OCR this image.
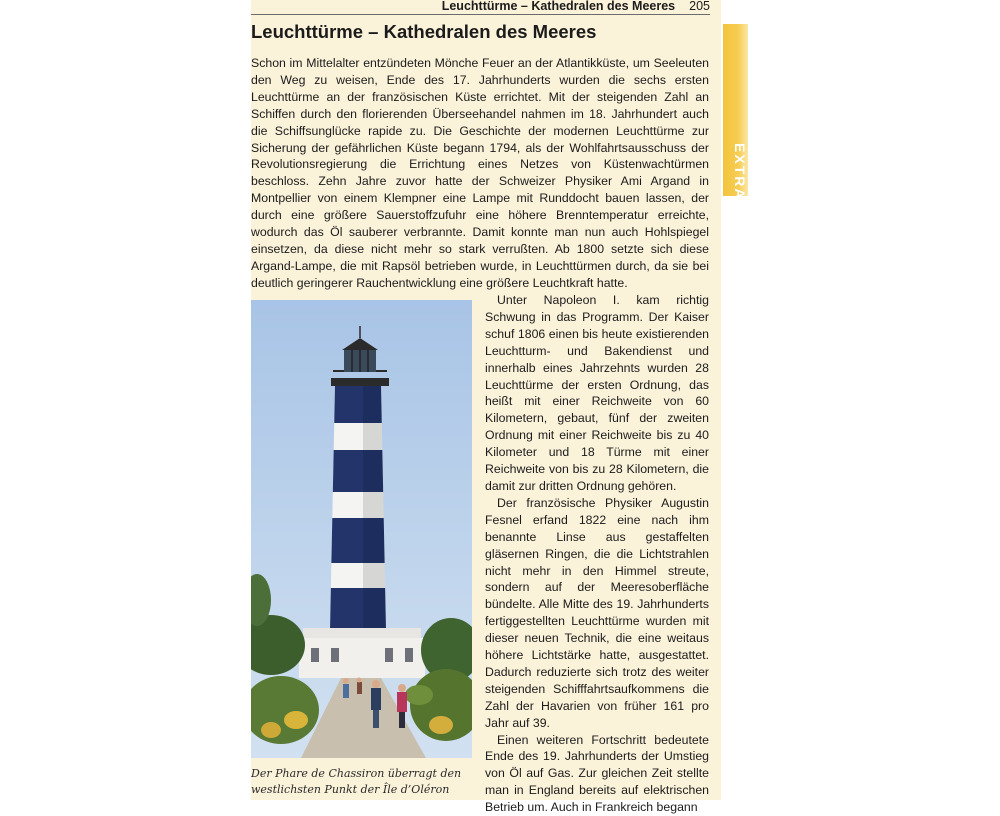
EXTRA
Leuchttürme – Kathedralen des Meeres 205
Leuchttürme – Kathedralen des Meeres

Schon im Mittelalter entzündeten Mönche Feuer an der Atlantikküste, um Seeleuten den Weg zu weisen, Ende des 17. Jahrhunderts wurden die sechs ersten Leuchttürme an der französischen Küste errichtet. Mit der steigenden Zahl an Schiffen durch den florierenden Überseehandel nahmen im 18. Jahrhundert auch die Schiffsunglücke rapide zu. Die Geschichte der modernen Leuchttürme zur Sicherung der gefährlichen Küste begann 1794, als der Wohlfahrtsausschuss der Revolutionsregierung die Errichtung eines Netzes von Küstenwachtürmen beschloss. Zehn Jahre zuvor hatte der Schweizer Physiker Ami Argand in Montpellier von einem Klempner eine Lampe mit Runddocht bauen lassen, der durch eine größere Sauerstoffzufuhr eine höhere Brenntemperatur erreichte, wodurch das Öl sauberer verbrannte. Damit konnte man nun auch Hohlspiegel einsetzen, da diese nicht mehr so stark verrußten. Ab 1800 setzte sich diese Argand-Lampe, die mit Rapsöl betrieben wurde, in Leuchttürmen durch, da sie bei deutlich geringerer Rauchentwicklung eine größere Leuchtkraft hatte.

Unter Napoleon I. kam richtig Schwung in das Programm. Der Kaiser schuf 1806 einen bis heute existierenden Leuchtturm- und Bakendienst und innerhalb eines Jahrzehnts wurden 28 Leuchttürme der ersten Ordnung, das heißt mit einer Reichweite von 60 Kilometern, gebaut, fünf der zweiten Ordnung mit einer Reichweite bis zu 40 Kilometer und 18 Türme mit einer Reichweite von bis zu 28 Kilometern, die damit zur dritten Ordnung gehören.

Der französische Physiker Augustin Fesnel erfand 1822 eine nach ihm benannte Linse aus gestaffelten gläsernen Ringen, die die Lichtstrahlen nicht mehr in den Himmel streute, sondern auf der Meeresoberfläche bündelte. Alle Mitte des 19. Jahrhunderts fertiggestellten Leuchttürme wurden mit dieser neuen Technik, die eine weitaus höhere Lichtstärke hatte, ausgestattet. Dadurch reduzierte sich trotz des weiter steigenden Schifffahrtsaufkommens die Zahl der Havarien von früher 161 pro Jahr auf 39.

Einen weiteren Fortschritt bedeutete Ende des 19. Jahrhunderts der Umstieg von Öl auf Gas. Zur gleichen Zeit stellte man in England bereits auf elektrischen Betrieb um. Auch in Frankreich begann

Der Phare de Chassiron überragt den westlichsten Punkt der Île d’Oléron
